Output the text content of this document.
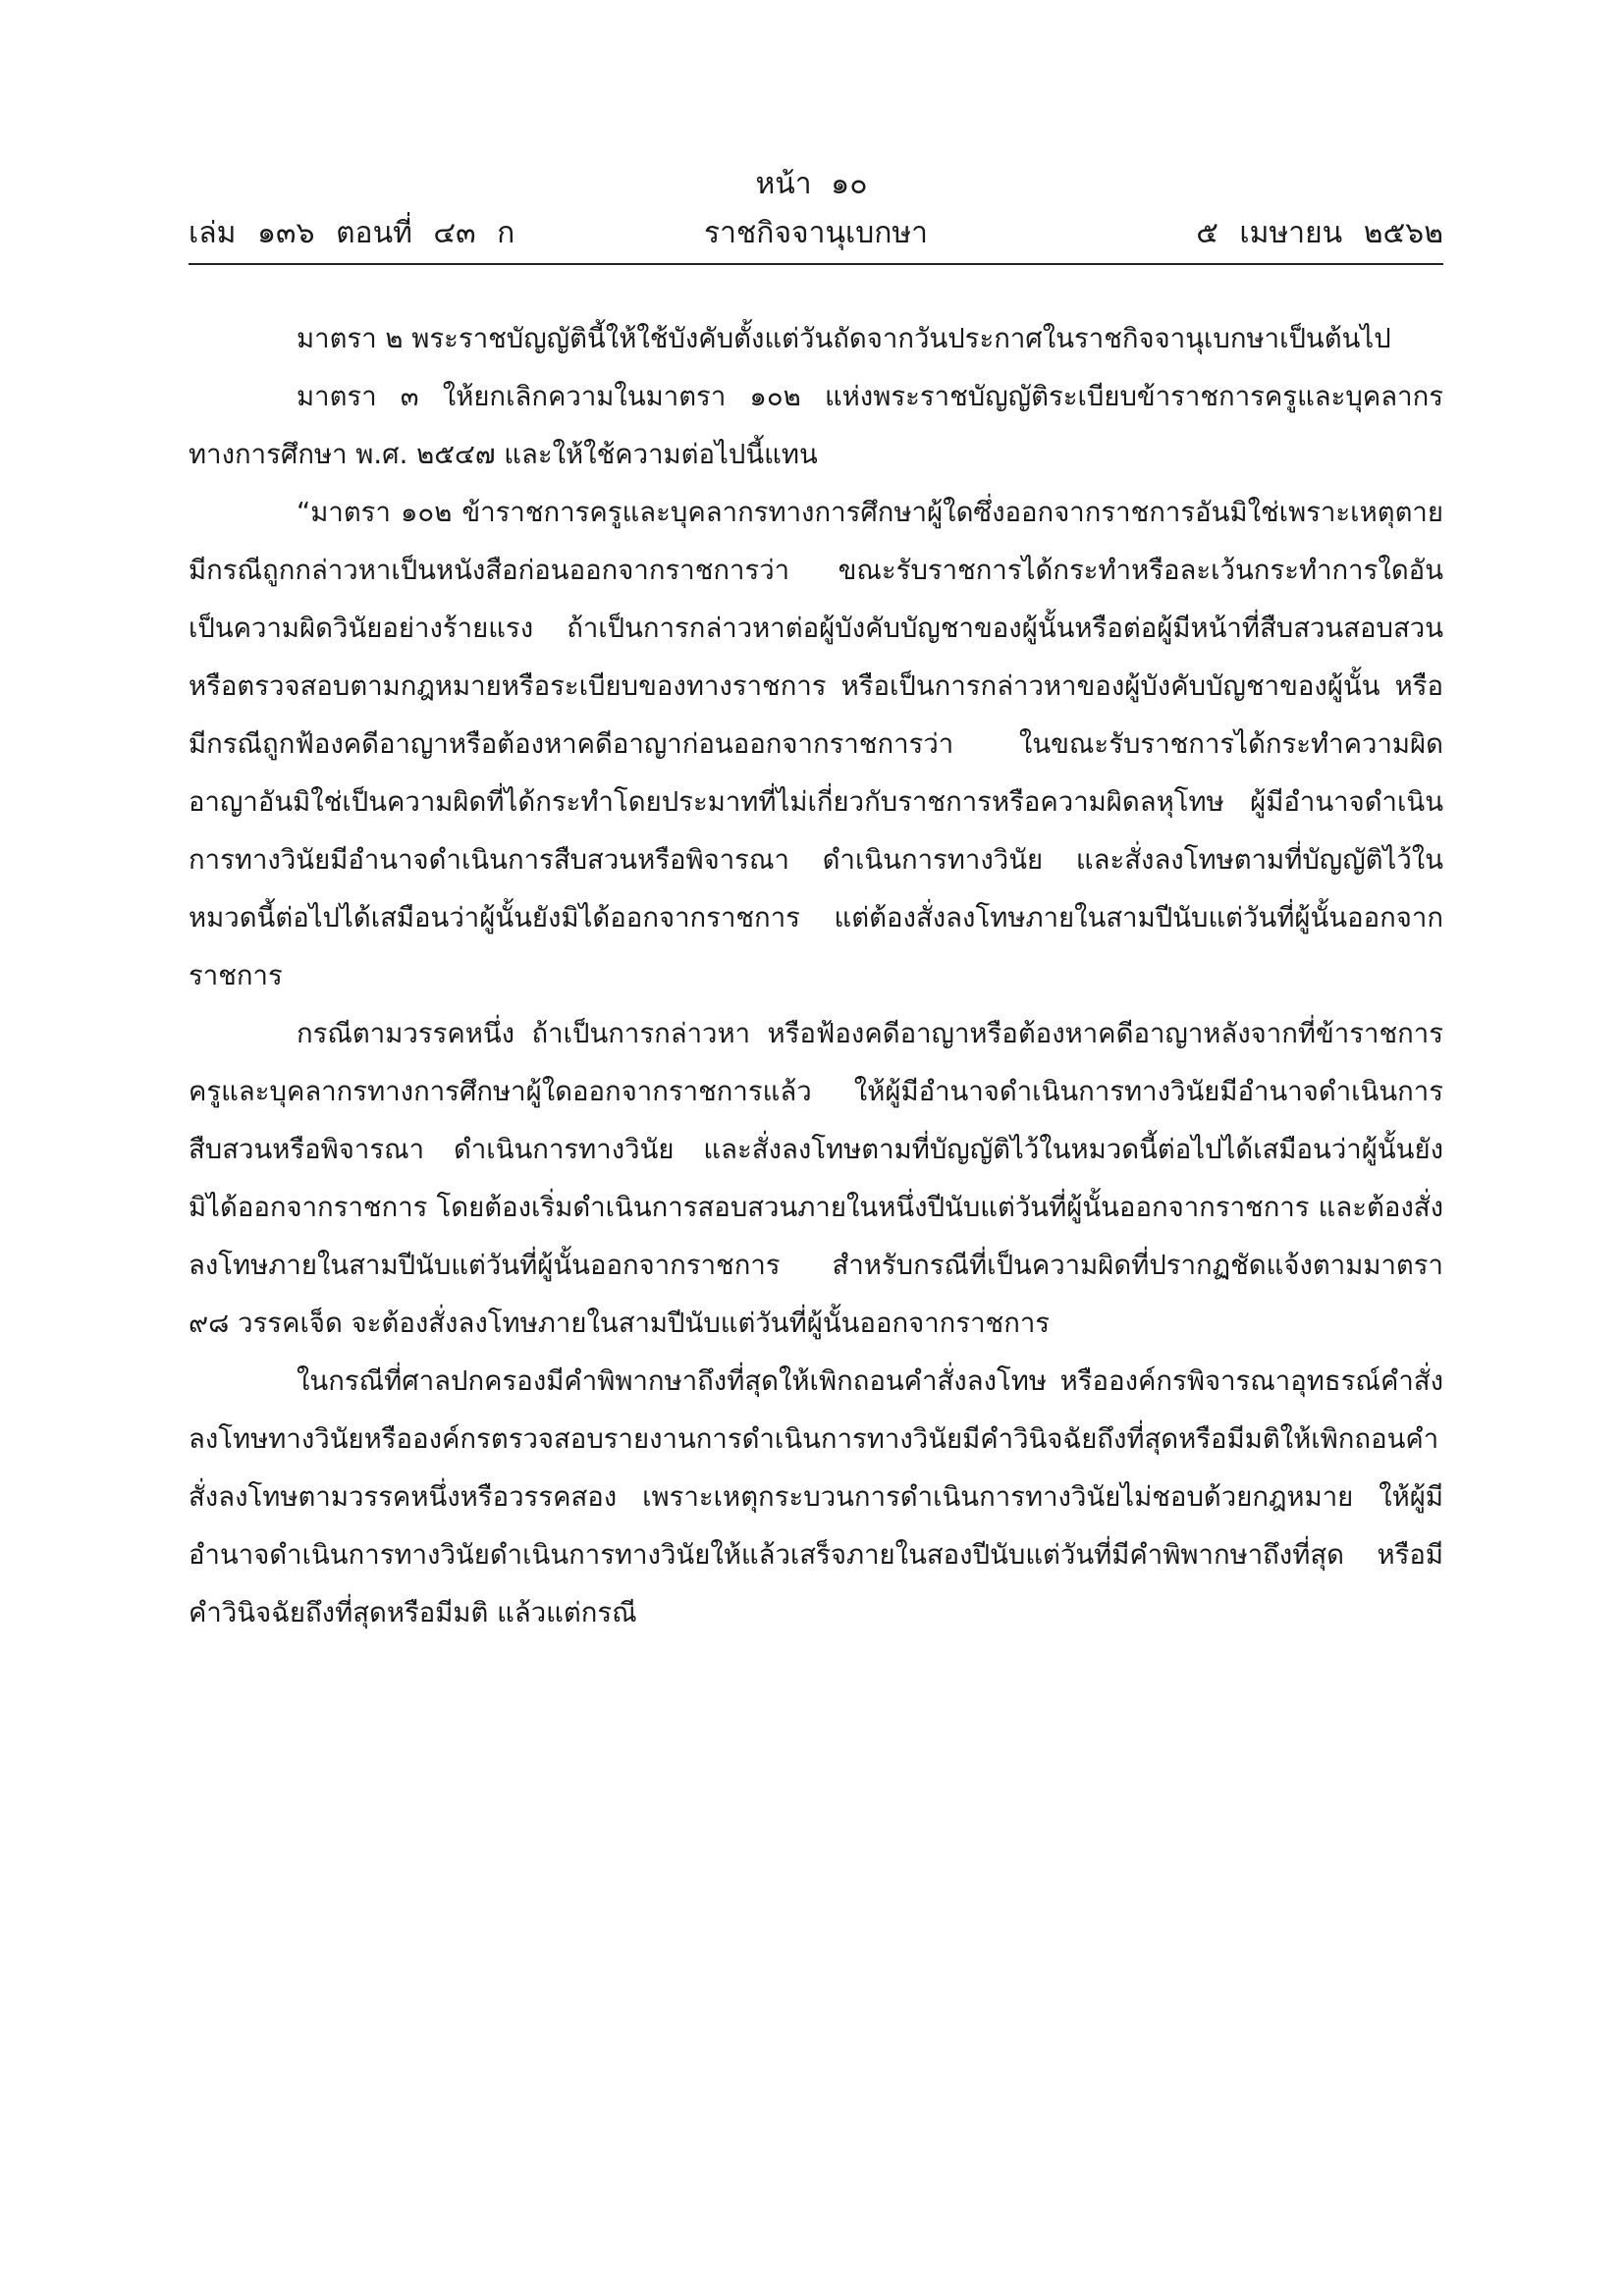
หน้า ๑๐
ราชกิจจานุเบกษา
เล่ม ๑๓๖ ตอนที่ ๔๓ ก	๕ เมษายน ๒๕๖๒

มาตรา ๒ พระราชบัญญัตินี้ให้ใช้บังคับตั้งแต่วันถัดจากวันประกาศในราชกิจจานุเบกษาเป็นต้นไป

มาตรา ๓ ให้ยกเลิกความในมาตรา ๑๐๒ แห่งพระราชบัญญัติระเบียบข้าราชการครูและบุคลากรทางการศึกษา พ.ศ. ๒๕๔๗ และให้ใช้ความต่อไปนี้แทน

“มาตรา ๑๐๒ ข้าราชการครูและบุคลากรทางการศึกษาผู้ใดซึ่งออกจากราชการอันมิใช่เพราะเหตุตาย มีกรณีถูกกล่าวหาเป็นหนังสือก่อนออกจากราชการว่า ขณะรับราชการได้กระทำหรือละเว้นกระทำการใดอันเป็นความผิดวินัยอย่างร้ายแรง ถ้าเป็นการกล่าวหาต่อผู้บังคับบัญชาของผู้นั้นหรือต่อผู้มีหน้าที่สืบสวนสอบสวนหรือตรวจสอบตามกฎหมายหรือระเบียบของทางราชการ หรือเป็นการกล่าวหาของผู้บังคับบัญชาของผู้นั้น หรือมีกรณีถูกฟ้องคดีอาญาหรือต้องหาคดีอาญาก่อนออกจากราชการว่า ในขณะรับราชการได้กระทำความผิดอาญาอันมิใช่เป็นความผิดที่ได้กระทำโดยประมาทที่ไม่เกี่ยวกับราชการหรือความผิดลหุโทษ ผู้มีอำนาจดำเนินการทางวินัยมีอำนาจดำเนินการสืบสวนหรือพิจารณา ดำเนินการทางวินัย และสั่งลงโทษตามที่บัญญัติไว้ในหมวดนี้ต่อไปได้เสมือนว่าผู้นั้นยังมิได้ออกจากราชการ แต่ต้องสั่งลงโทษภายในสามปีนับแต่วันที่ผู้นั้นออกจากราชการ

กรณีตามวรรคหนึ่ง ถ้าเป็นการกล่าวหา หรือฟ้องคดีอาญาหรือต้องหาคดีอาญาหลังจากที่ข้าราชการครูและบุคลากรทางการศึกษาผู้ใดออกจากราชการแล้ว ให้ผู้มีอำนาจดำเนินการทางวินัยมีอำนาจดำเนินการสืบสวนหรือพิจารณา ดำเนินการทางวินัย และสั่งลงโทษตามที่บัญญัติไว้ในหมวดนี้ต่อไปได้เสมือนว่าผู้นั้นยังมิได้ออกจากราชการ โดยต้องเริ่มดำเนินการสอบสวนภายในหนึ่งปีนับแต่วันที่ผู้นั้นออกจากราชการ และต้องสั่งลงโทษภายในสามปีนับแต่วันที่ผู้นั้นออกจากราชการ สำหรับกรณีที่เป็นความผิดที่ปรากฏชัดแจ้งตามมาตรา ๙๘ วรรคเจ็ด จะต้องสั่งลงโทษภายในสามปีนับแต่วันที่ผู้นั้นออกจากราชการ

ในกรณีที่ศาลปกครองมีคำพิพากษาถึงที่สุดให้เพิกถอนคำสั่งลงโทษ หรือองค์กรพิจารณาอุทธรณ์คำสั่งลงโทษทางวินัยหรือองค์กรตรวจสอบรายงานการดำเนินการทางวินัยมีคำวินิจฉัยถึงที่สุดหรือมีมติให้เพิกถอนคำสั่งลงโทษตามวรรคหนึ่งหรือวรรคสอง เพราะเหตุกระบวนการดำเนินการทางวินัยไม่ชอบด้วยกฎหมาย ให้ผู้มีอำนาจดำเนินการทางวินัยดำเนินการทางวินัยให้แล้วเสร็จภายในสองปีนับแต่วันที่มีคำพิพากษาถึงที่สุด หรือมีคำวินิจฉัยถึงที่สุดหรือมีมติ แล้วแต่กรณี
